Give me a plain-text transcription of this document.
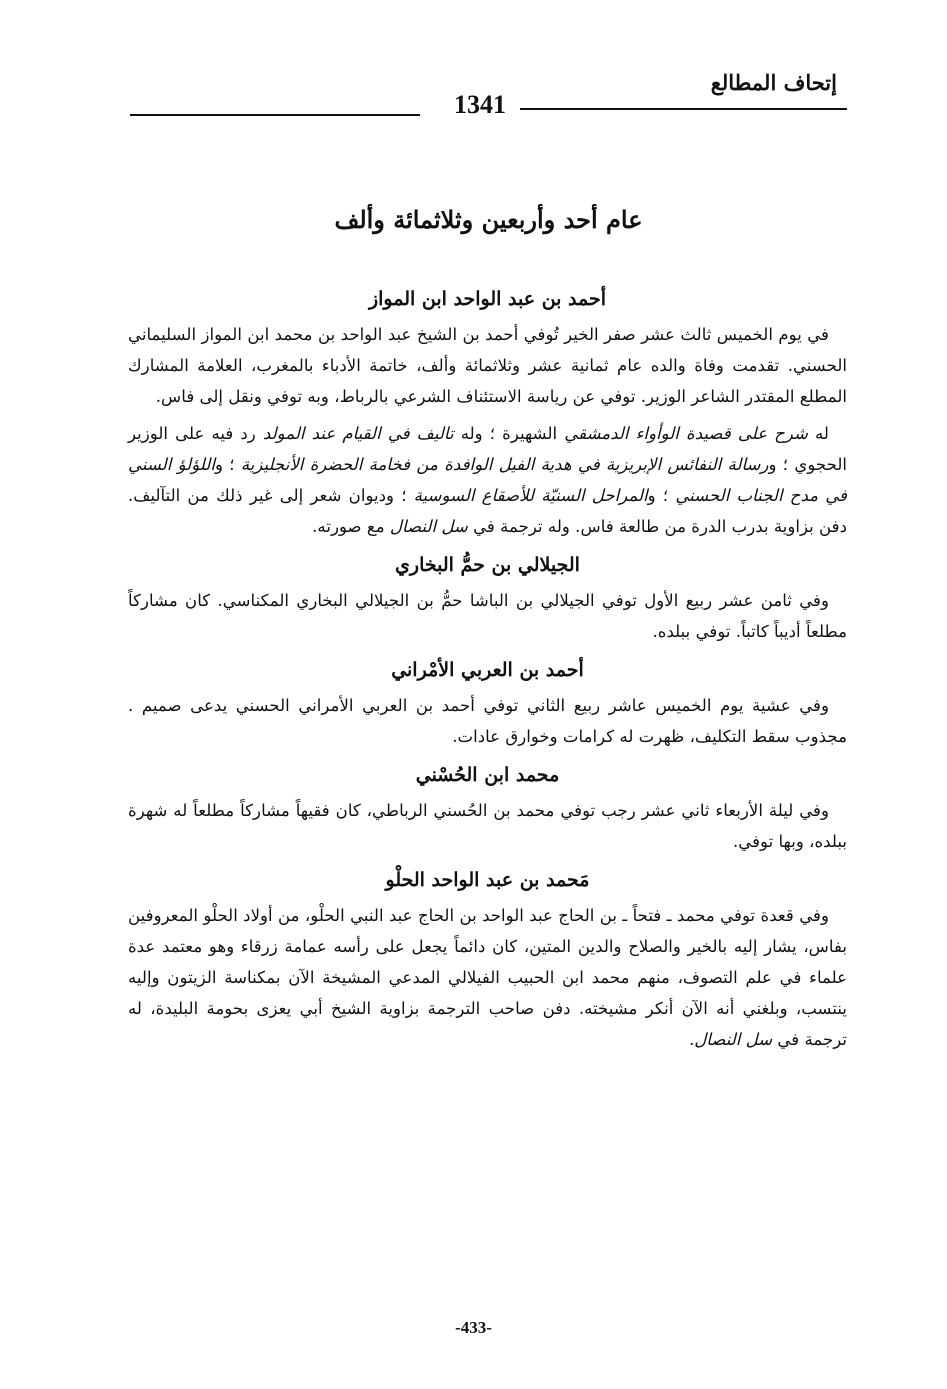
إتحاف المطالع
1341
عام أحد وأربعين وثلاثمائة وألف
أحمد بن عبد الواحد ابن المواز

في يوم الخميس ثالث عشر صفر الخير تُوفي أحمد بن الشيخ عبد الواحد بن محمد ابن المواز السليماني الحسني. تقدمت وفاة والده عام ثمانية عشر وثلاثمائة وألف، خاتمة الأدباء بالمغرب، العلامة المشارك المطلع المقتدر الشاعر الوزير. توفي عن رياسة الاستئناف الشرعي بالرباط، وبه توفي ونقل إلى فاس.

له شرح على قصيدة الوأواء الدمشقي الشهيرة ؛ وله تاليف في القيام عند المولد رد فيه على الوزير الحجوي ؛ ورسالة النفائس الإبريزية في هدية الفيل الوافدة من فخامة الحضرة الأنجليزية ؛ واللؤلؤ السني في مدح الجناب الحسني ؛ والمراحل السنيّة للأصقاع السوسية ؛ وديوان شعر إلى غير ذلك من التآليف. دفن بزاوية بدرب الدرة من طالعة فاس. وله ترجمة في سل النصال مع صورته.

الجيلالي بن حمُّ البخاري

وفي ثامن عشر ربيع الأول توفي الجيلالي بن الباشا حمُّ بن الجيلالي البخاري المكناسي. كان مشاركاً مطلعاً أديباً كاتباً. توفي ببلده.

أحمد بن العربي الأمْراني

وفي عشية يوم الخميس عاشر ربيع الثاني توفي أحمد بن العربي الأمراني الحسني يدعى صميم . مجذوب سقط التكليف، ظهرت له كرامات وخوارق عادات.

محمد ابن الحُسْني

وفي ليلة الأربعاء ثاني عشر رجب توفي محمد بن الحُسني الرباطي، كان فقيهاً مشاركاً مطلعاً له شهرة ببلده، وبها توفي.

مَحمد بن عبد الواحد الحلْو

وفي قعدة توفي محمد ـ فتحاً ـ بن الحاج عبد الواحد بن الحاج عبد النبي الحلْو، من أولاد الحلْو المعروفين بفاس، يشار إليه بالخير والصلاح والدين المتين، كان دائماً يجعل على رأسه عمامة زرقاء وهو معتمد عدة علماء في علم التصوف، منهم محمد ابن الحبيب الفيلالي المدعي المشيخة الآن بمكناسة الزيتون وإليه ينتسب، وبلغني أنه الآن أنكر مشيخته. دفن صاحب الترجمة بزاوية الشيخ أبي يعزى بحومة البليدة، له ترجمة في سل النصال.

-433-
